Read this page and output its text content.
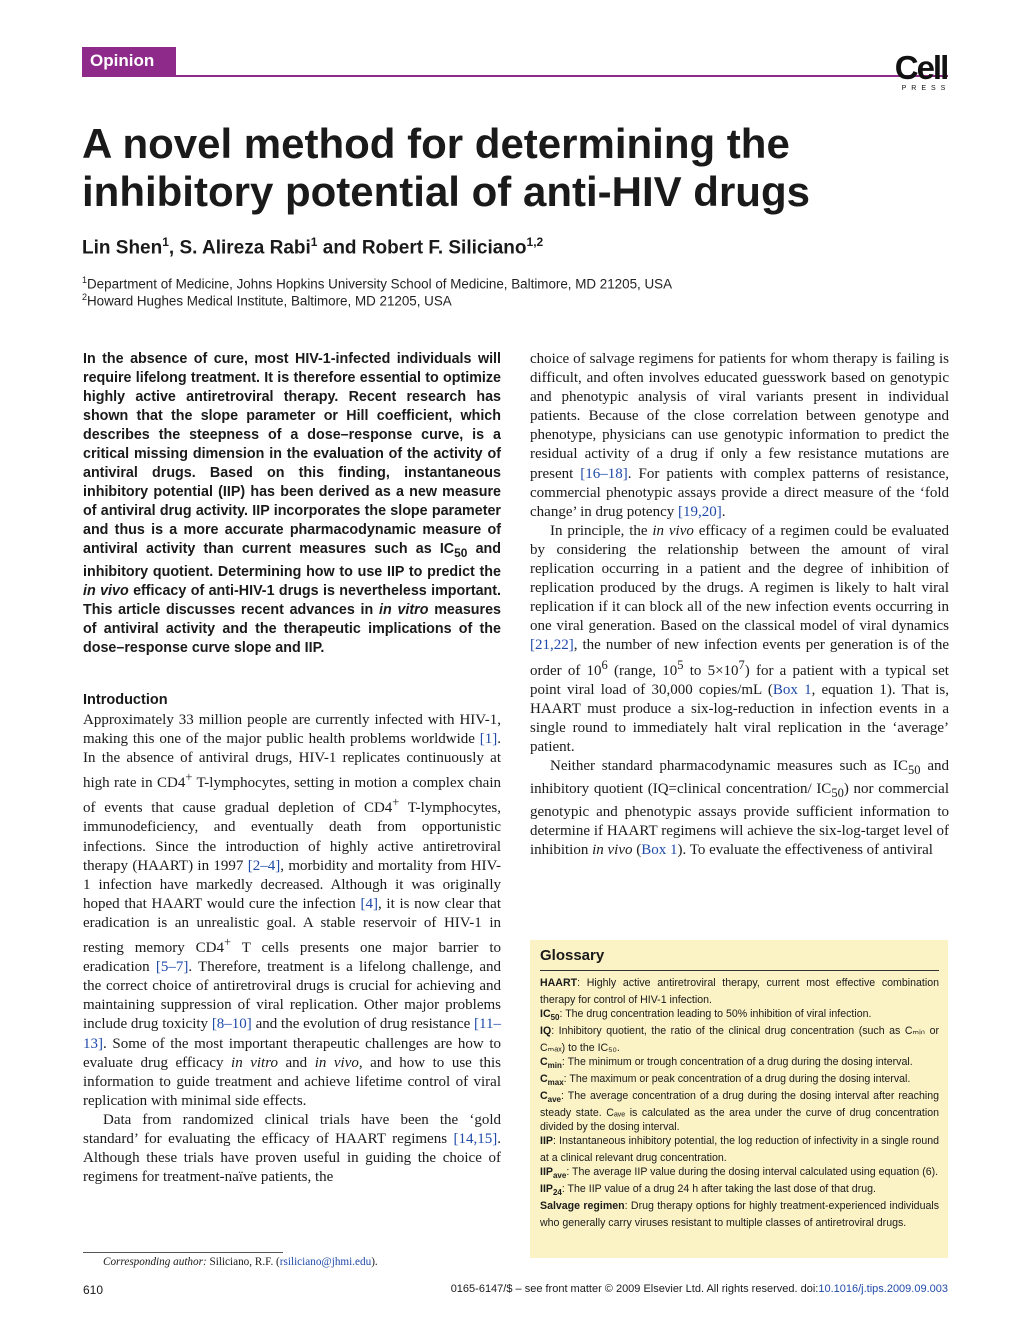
Opinion	Cell
PRESS
A novel method for determining the inhibitory potential of anti-HIV drugs
Lin Shen$^1$, S. Alireza Rabi$^1$ and Robert F. Siliciano$^{1,2}$
$^1$Department of Medicine, Johns Hopkins University School of Medicine, Baltimore, MD 21205, USA
$^2$Howard Hughes Medical Institute, Baltimore, MD 21205, USA

In the absence of cure, most HIV-1-infected individuals will require lifelong treatment. It is therefore essential to optimize highly active antiretroviral therapy. Recent research has shown that the slope parameter or Hill coefficient, which describes the steepness of a dose–response curve, is a critical missing dimension in the evaluation of the activity of antiviral drugs. Based on this finding, instantaneous inhibitory potential (IIP) has been derived as a new measure of antiviral drug activity. IIP incorporates the slope parameter and thus is a more accurate pharmacodynamic measure of antiviral activity than current measures such as $IC_{50}$ and inhibitory quotient. Determining how to use IIP to predict the in vivo efficacy of anti-HIV-1 drugs is nevertheless important. This article discusses recent advances in in vitro measures of antiviral activity and the therapeutic implications of the dose–response curve slope and IIP.

Introduction

Approximately 33 million people are currently infected with HIV-1, making this one of the major public health problems worldwide [1]. In the absence of antiviral drugs, HIV-1 replicates continuously at high rate in CD4+ T-lymphocytes, setting in motion a complex chain of events that cause gradual depletion of CD4+ T-lymphocytes, immunodeficiency, and eventually death from opportunistic infections. Since the introduction of highly active antiretroviral therapy (HAART) in 1997 [2–4], morbidity and mortality from HIV-1 infection have markedly decreased. Although it was originally hoped that HAART would cure the infection [4], it is now clear that eradication is an unrealistic goal. A stable reservoir of HIV-1 in resting memory CD4+ T cells presents one major barrier to eradication [5–7]. Therefore, treatment is a lifelong challenge, and the correct choice of antiretroviral drugs is crucial for achieving and maintaining suppression of viral replication. Other major problems include drug toxicity [8–10] and the evolution of drug resistance [11–13]. Some of the most important therapeutic challenges are how to evaluate drug efficacy in vitro and in vivo, and how to use this information to guide treatment and achieve lifetime control of viral replication with minimal side effects.

Data from randomized clinical trials have been the ‘gold standard’ for evaluating the efficacy of HAART regimens [14,15]. Although these trials have proven useful in guiding the choice of regimens for treatment-naïve patients, the

choice of salvage regimens for patients for whom therapy is failing is difficult, and often involves educated guesswork based on genotypic and phenotypic analysis of viral variants present in individual patients. Because of the close correlation between genotype and phenotype, physicians can use genotypic information to predict the residual activity of a drug if only a few resistance mutations are present [16–18]. For patients with complex patterns of resistance, commercial phenotypic assays provide a direct measure of the ‘fold change’ in drug potency [19,20].

In principle, the in vivo efficacy of a regimen could be evaluated by considering the relationship between the amount of viral replication occurring in a patient and the degree of inhibition of replication produced by the drugs. A regimen is likely to halt viral replication if it can block all of the new infection events occurring in one viral generation. Based on the classical model of viral dynamics [21,22], the number of new infection events per generation is of the order of $10^6$ (range, $10^5$ to $5\times 10^7$) for a patient with a typical set point viral load of 30,000 copies/mL (Box 1, equation 1). That is, HAART must produce a six-log-reduction in infection events in a single round to immediately halt viral replication in the ‘average’ patient.

Neither standard pharmacodynamic measures such as $IC_{50}$ and inhibitory quotient (IQ=clinical concentration/ $IC_{50}$) nor commercial genotypic and phenotypic assays provide sufficient information to determine if HAART regimens will achieve the six-log-target level of inhibition in vivo (Box 1). To evaluate the effectiveness of antiviral

Glossary

HAART: Highly active antiretroviral therapy, current most effective combination therapy for control of HIV-1 infection.

$IC_{50}$: The drug concentration leading to 50% inhibition of viral infection.

IQ: Inhibitory quotient, the ratio of the clinical drug concentration (such as Cₘᵢₙ or Cₘₐₓ) to the IC₅₀.

$C_{min}$: The minimum or trough concentration of a drug during the dosing interval.

$C_{max}$: The maximum or peak concentration of a drug during the dosing interval.

$C_{ave}$: The average concentration of a drug during the dosing interval after reaching steady state. Cₐᵥₑ is calculated as the area under the curve of drug concentration divided by the dosing interval.

IIP: Instantaneous inhibitory potential, the log reduction of infectivity in a single round at a clinical relevant drug concentration.

$IIP_{ave}$: The average IIP value during the dosing interval calculated using equation (6).

$IIP_{24}$: The IIP value of a drug 24 h after taking the last dose of that drug.

Salvage regimen: Drug therapy options for highly treatment-experienced individuals who generally carry viruses resistant to multiple classes of antiretroviral drugs.

Corresponding author: Siliciano, R.F. (rsiliciano@jhmi.edu).
610	0165-6147/$ – see front matter © 2009 Elsevier Ltd. All rights reserved. doi:10.1016/j.tips.2009.09.003
